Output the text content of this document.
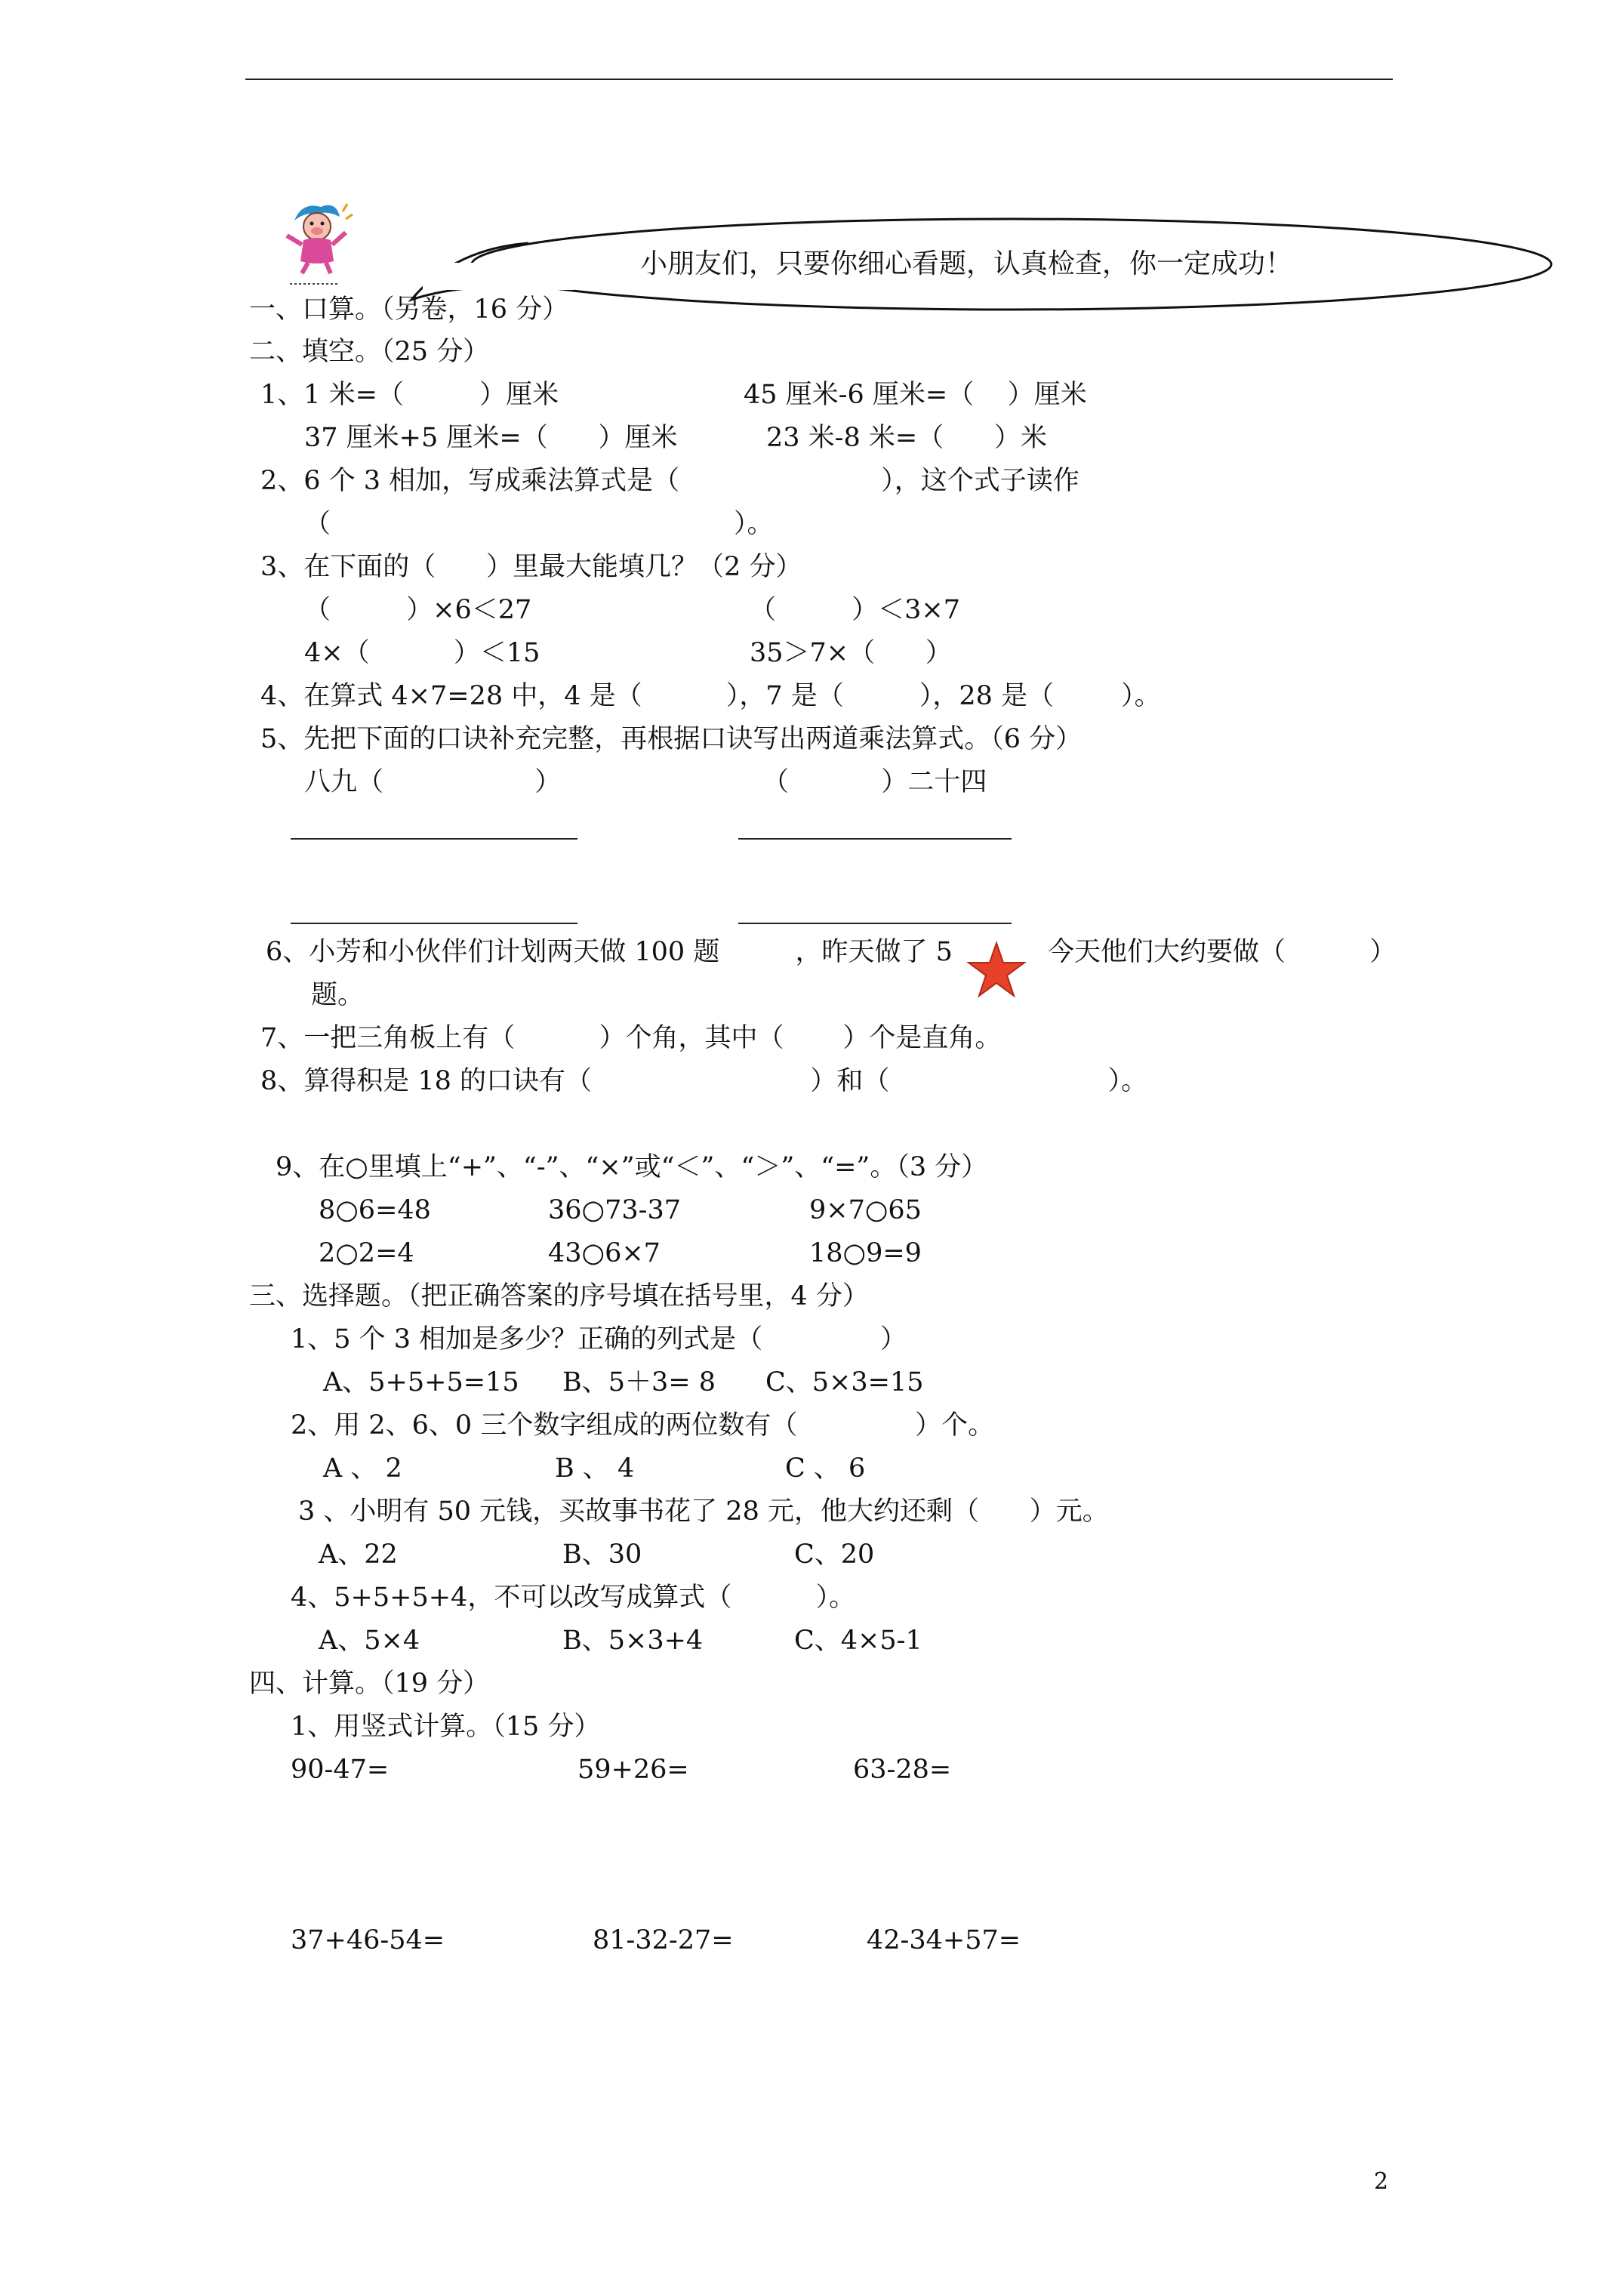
小朋友们，只要你细心看题，认真检查，你一定成功！
一、口算。（另卷，16 分）
二、填空。（25 分）
1、1 米=（         ）厘米	45 厘米-6 厘米=（    ）厘米
37 厘米+5 厘米=（      ）厘米	23 米-8 米=（      ）米
2、6 个 3 相加，写成乘法算式是（                        ），这个式子读作
（                                                ）。
3、在下面的（      ）里最大能填几？（2 分）
（         ）×6＜27	（         ）＜3×7
4×（          ）＜15	35＞7×（      ）
4、在算式 4×7=28 中，4 是（          ），7 是（         ），28 是（        ）。
5、先把下面的口诀补充完整，再根据口诀写出两道乘法算式。（6 分）
八九（                  ）	（           ）二十四
6、小芳和小伙伴们计划两天做 100 题         ，昨天做了 5	今天他们大约要做（          ）
题。
7、一把三角板上有（          ）个角，其中（       ）个是直角。
8、算得积是 18 的口诀有（                          ）和（                          ）。
9、在○里填上“+”、“-”、“×”或“＜”、“＞”、“=”。（3 分）
8○6=48	36○73-37	9×7○65
2○2=4	43○6×7	18○9=9
三、选择题。（把正确答案的序号填在括号里，4 分）
1、5 个 3 相加是多少？正确的列式是（              ）
A、5+5+5=15 B、5＋3= 8 C、5×3=15
2、用 2、6、0 三个数字组成的两位数有（              ）个。
A 、 2	B 、 4	C 、 6
3 、小明有 50 元钱，买故事书花了 28 元，他大约还剩（      ）元。
A、22	B、30	C、20
4、5+5+5+4，不可以改写成算式（          ）。
A、5×4	B、5×3+4	C、4×5-1
四、计算。（19 分）
1、用竖式计算。（15 分）
90-47=	59+26=	63-28=
37+46-54=	81-32-27=	42-34+57=
2
